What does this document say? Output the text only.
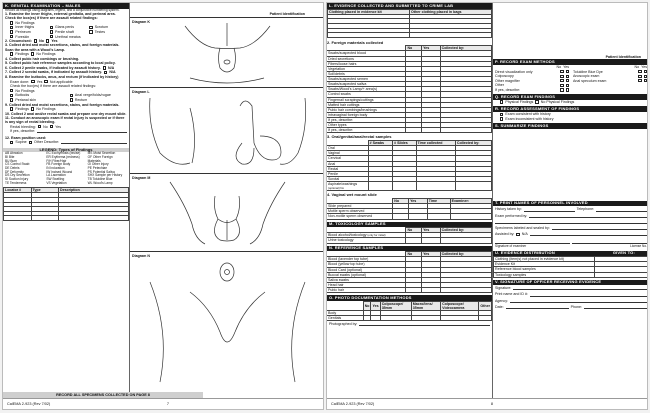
K. GENITAL EXAMINATION – MALES
Record all findings using diagrams, legend, and a conjunctive numbering system.
1. Examine the inner thighs, external genitalia, and perineal area. Check the box(es) if there are assault related findings:
No Findings
Inner thighs	Glans penis	Scrotum
Perineum	Penile shaft	Testes
Foreskin	Urethral meatus
2. Circumcised: No Yes
3. Collect dried and moist secretions, stains, and foreign materials. Scan the area with a Wood's Lamp.
Findings No Findings
4. Collect pubic hair combings or brushing.
5. Collect pubic hair reference samples according to local policy.
6. Collect 2 penile swabs, if indicated by assault history. N/A
7. Collect 2 scrotal swabs, if indicated by assault history. N/A
8. Examine the buttocks, anus, and rectum (if indicated by history)
Exam done: Yes Not applicable
Check the box(es) if there are assault related findings:
No Findings
Buttocks	Anal verge/folds/rugae
Perianal skin	Rectum
9. Collect dried and moist secretions, stains, and foreign materials.
Findings No Findings
10. Collect 2 anal and/or rectal swabs and prepare one dry mount slide.
11. Conduct an anoscopic exam if rectal injury is suspected or if there is any sign of rectal bleeding.
Rectal bleeding: No Yes
If yes, describe:
12. Exam position used:
Supine Other Describe:
LEGEND: Types of Findings
AB Abrasion	EC Ecchymosis (bruise)	MS Moist Secretion
BI Bite	ER Erythema (redness)	OF Other Foreign
BU Burn	F/H Fiber/Hair	Materials
CS Control Swab	FB Foreign Body	OI Other Injury
DE Debris	IN Induration	PE Petechiae
DF Deformity	IW Incised Wound	PS Potential Saliva
DS Dry Secretion	LA Laceration	SHX Sample per History
SI Suction Injury	SW Swelling	TB Toluidine Blue
TE Tenderness	VS Vegetation	WL Wood's Lamp
Locator #	Type	Description

Patient Identification
Diagram K
Diagram L
Diagram M
Diagram N
RECORD ALL SPECIMENS COLLECTED ON PAGE 8
CalEMA 2-923 (Rev 7/02)	7
L. EVIDENCE COLLECTED AND SUBMITTED TO CRIME LAB
Clothing placed in evidence kit	Other clothing placed in bags

2. Foreign materials collected
	No	Yes	Collected by:
Swabs/suspected blood			
Dried secretions			
Fibers/loose hairs			
Vegetation			
Soil/debris			
Swabs/suspected semen			
Swabs/suspected saliva			
Swabs/Wood's Lamp/+ area(s)			
Control swabs			
Fingernail scrapings/cuttings			
Matted hair cuttings			
Pubic hair combings/brushings			
Intravaginal foreign body			
If yes, describe:			
Other types			
If yes, describe:			
3. Oral/genital/anal/rectal samples
	# Swabs	# Slides	Time collected	Collected by:
Oral				
Vaginal				
Cervical				
Anal				
Rectal				
Penile				
Scrotal				
Aspirate/washings (optional) No				
4. Vaginal wet mount slide
	No	Yes	Time	Examiner:
Slide prepared				
Motile sperm observed				
Non-motile sperm observed				
M. TOXICOLOGY SAMPLES
	No	Yes	Collected by:
Blood alcohol/toxicology (only for initial)			
Urine toxicology			
N. REFERENCE SAMPLES
	No	Yes	Collected by:
Blood (lavender top tube)			
Blood (yellow top tube)			
Blood Card (optional)			
Buccal swabs (optional)			
Saliva swabs			
Head hair			
Pubic hair			
O. PHOTO DOCUMENTATION METHODS
	No	Yes	Colposcope/ 35mm	Macro/lens/ 35mm	Colposcope/ Videocamera	Other
Body						
Genitals						
Photographed by:
Patient Identification
P. RECORD EXAM METHODS
No Yes
Direct visualization only
Colposcopy
Other magnifier
Other
If yes, describe:
No Yes
Toluidine Blue Dye
Anoscopic exam
Anal speculum exam
Q. RECORD EXAM FINDINGS
Physical Findings No Physical Findings
R. RECORD ASSESSMENT OF FINDINGS
Exam consistent with history
Exam inconsistent with history
S. SUMMARIZE FINDINGS
T. PRINT NAMES OF PERSONNEL INVOLVED
History taken by:	Telephone:
Exam performed by:
Specimens labeled and sealed by:
Assisted by: N/A
Signature of examiner	License No.
U. EVIDENCE DISTRIBUTION	GIVEN TO:
Clothing (item(s) not placed in evidence kit)	
Evidence Kit	
Reference blood samples	
Toxicology samples	
V. SIGNATURE OF OFFICER RECEIVING EVIDENCE
Signature:
Print name and ID #:
Agency:
Date:	Phone:
CalEMA 2-923 (Rev 7/02)	8
